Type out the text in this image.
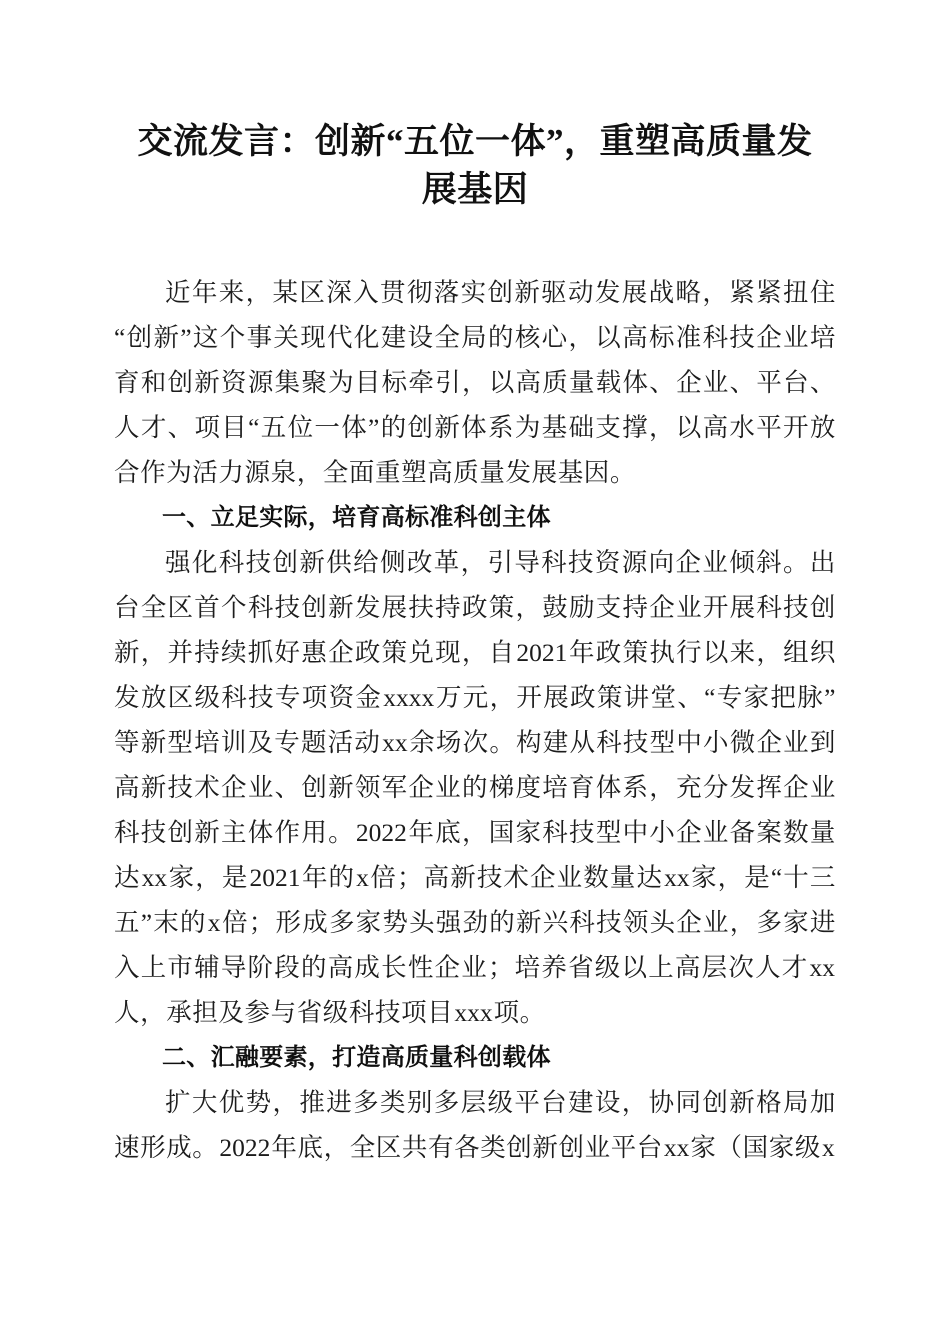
交流发言：创新“五位一体”，重塑高质量发
展基因

近年来，某区深入贯彻落实创新驱动发展战略，紧紧扭住“创新”这个事关现代化建设全局的核心，以高标准科技企业培育和创新资源集聚为目标牵引，以高质量载体、企业、平台、人才、项目“五位一体”的创新体系为基础支撑，以高水平开放合作为活力源泉，全面重塑高质量发展基因。

一、立足实际，培育高标准科创主体

强化科技创新供给侧改革，引导科技资源向企业倾斜。出台全区首个科技创新发展扶持政策，鼓励支持企业开展科技创新，并持续抓好惠企政策兑现，自2021年政策执行以来，组织发放区级科技专项资金xxxx万元，开展政策讲堂、“专家把脉”等新型培训及专题活动xx余场次。构建从科技型中小微企业到高新技术企业、创新领军企业的梯度培育体系，充分发挥企业科技创新主体作用。2022年底，国家科技型中小企业备案数量达xx家，是2021年的x倍；高新技术企业数量达xx家，是“十三五”末的x倍；形成多家势头强劲的新兴科技领头企业，多家进入上市辅导阶段的高成长性企业；培养省级以上高层次人才xx人，承担及参与省级科技项目xxx项。

二、汇融要素，打造高质量科创载体

扩大优势，推进多类别多层级平台建设，协同创新格局加速形成。2022年底，全区共有各类创新创业平台xx家（国家级x
